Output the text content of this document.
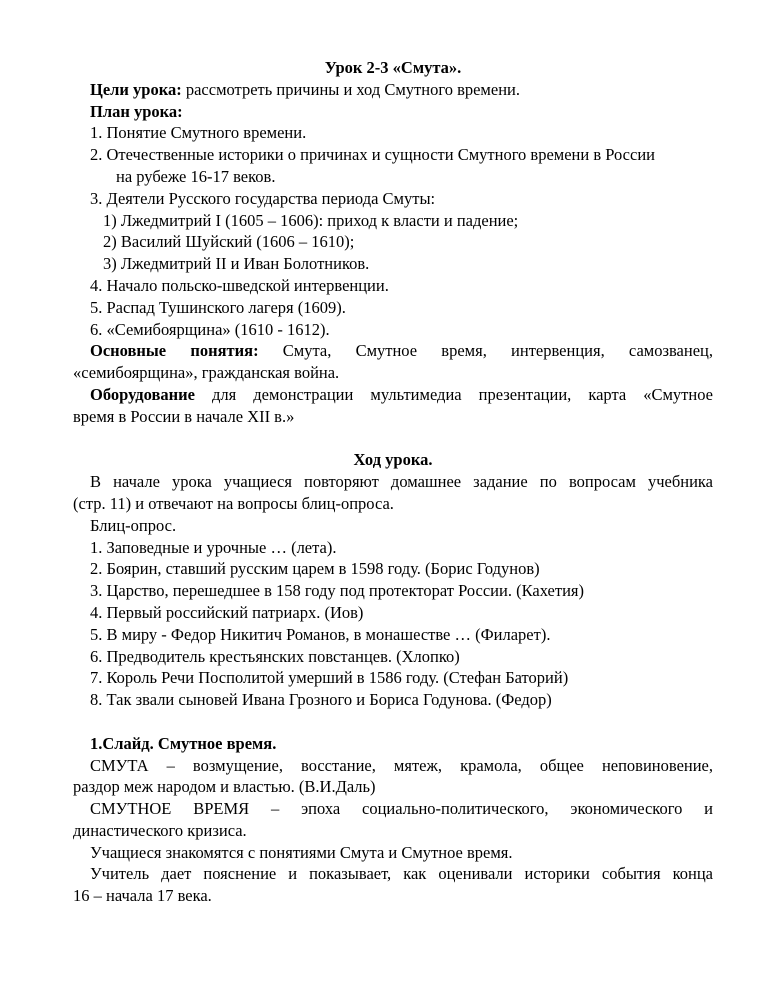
Урок 2-3 «Смута».
Цели урока: рассмотреть причины и ход Смутного времени.
План урока:
1. Понятие Смутного времени.
2. Отечественные историки о причинах и сущности Смутного времени в России
на рубеже 16-17 веков.
3. Деятели Русского государства периода Смуты:
1) Лжедмитрий I (1605 – 1606): приход к власти и падение;
2) Василий Шуйский (1606 – 1610);
3) Лжедмитрий II и Иван Болотников.
4. Начало польско-шведской интервенции.
5. Распад Тушинского лагеря (1609).
6. «Семибоярщина» (1610 - 1612).
Основные понятия: Смута, Смутное время, интервенция, самозванец,
«семибоярщина», гражданская война.
Оборудование для демонстрации мультимедиа презентации, карта «Смутное
время в России в начале XII в.»
Ход урока.
В начале урока учащиеся повторяют домашнее задание по вопросам учебника
(стр. 11) и отвечают на вопросы блиц-опроса.
Блиц-опрос.
1. Заповедные и урочные … (лета).
2. Боярин, ставший русским царем в 1598 году. (Борис Годунов)
3. Царство, перешедшее в 158 году под протекторат России. (Кахетия)
4. Первый российский патриарх. (Иов)
5. В миру - Федор Никитич Романов, в монашестве … (Филарет).
6. Предводитель крестьянских повстанцев. (Хлопко)
7. Король Речи Посполитой умерший в 1586 году. (Стефан Баторий)
8. Так звали сыновей Ивана Грозного и Бориса Годунова. (Федор)
1.Слайд. Смутное время.
СМУТА – возмущение, восстание, мятеж, крамола, общее неповиновение,
раздор меж народом и властью. (В.И.Даль)
СМУТНОЕ ВРЕМЯ – эпоха социально-политического, экономического и
династического кризиса.
Учащиеся знакомятся с понятиями Смута и Смутное время.
Учитель дает пояснение и показывает, как оценивали историки события конца
16 – начала 17 века.
